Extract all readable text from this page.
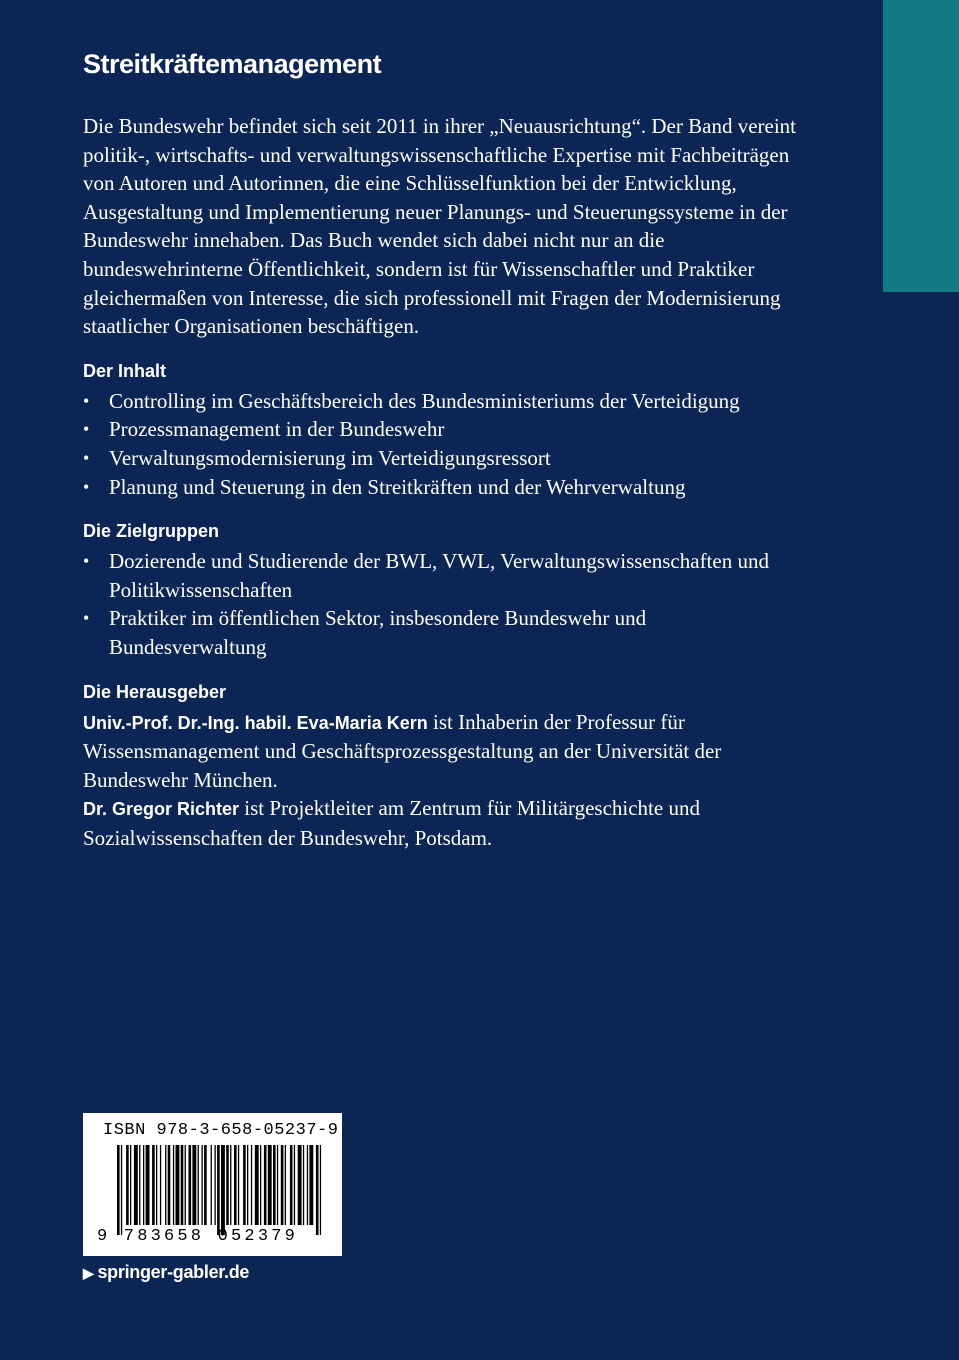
Streitkräftemanagement

Die Bundeswehr befindet sich seit 2011 in ihrer „Neuausrichtung“. Der Band vereint politik-, wirtschafts- und verwaltungswissenschaftliche Expertise mit Fachbeiträgen von Autoren und Autorinnen, die eine Schlüsselfunktion bei der Entwicklung, Ausgestaltung und Implementierung neuer Planungs- und Steuerungssysteme in der Bundeswehr innehaben. Das Buch wendet sich dabei nicht nur an die bundeswehrinterne Öffentlichkeit, sondern ist für Wissenschaftler und Praktiker gleichermaßen von Interesse, die sich professionell mit Fragen der Modernisierung staatlicher Organisationen beschäftigen.

Der Inhalt
• Controlling im Geschäftsbereich des Bundesministeriums der Verteidigung
• Prozessmanagement in der Bundeswehr
• Verwaltungsmodernisierung im Verteidigungsressort
• Planung und Steuerung in den Streitkräften und der Wehrverwaltung
Die Zielgruppen
• Dozierende und Studierende der BWL, VWL, Verwaltungswissenschaften und Politikwissenschaften
• Praktiker im öffentlichen Sektor, insbesondere Bundeswehr und Bundesverwaltung
Die Herausgeber

Univ.-Prof. Dr.-Ing. habil. Eva-Maria Kern ist Inhaberin der Professur für Wissensmanagement und Geschäftsprozessgestaltung an der Universität der Bundeswehr München.

Dr. Gregor Richter ist Projektleiter am Zentrum für Militärgeschichte und Sozialwissenschaften der Bundeswehr, Potsdam.

ISBN 978-3-658-05237-9
9 783658 052379
▶ springer-gabler.de
